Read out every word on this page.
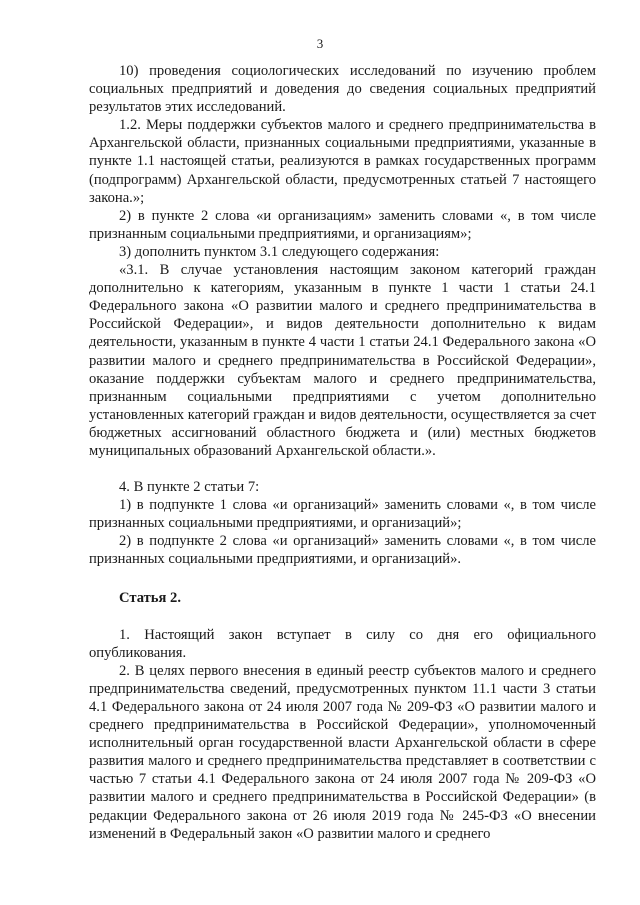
3

10) проведения социологических исследований по изучению проблем социальных предприятий и доведения до сведения социальных предприятий результатов этих исследований.

1.2. Меры поддержки субъектов малого и среднего предпринимательства в Архангельской области, признанных социальными предприятиями, указанные в пункте 1.1 настоящей статьи, реализуются в рамках государственных программ (подпрограмм) Архангельской области, предусмотренных статьей 7 настоящего закона.»;

2) в пункте 2 слова «и организациям» заменить словами «, в том числе признанным социальными предприятиями, и организациям»;

3) дополнить пунктом 3.1 следующего содержания:

«3.1. В случае установления настоящим законом категорий граждан дополнительно к категориям, указанным в пункте 1 части 1 статьи 24.1 Федерального закона «О развитии малого и среднего предпринимательства в Российской Федерации», и видов деятельности дополнительно к видам деятельности, указанным в пункте 4 части 1 статьи 24.1 Федерального закона «О развитии малого и среднего предпринимательства в Российской Федерации», оказание поддержки субъектам малого и среднего предпринимательства, признанным социальными предприятиями с учетом дополнительно установленных категорий граждан и видов деятельности, осуществляется за счет бюджетных ассигнований областного бюджета и (или) местных бюджетов муниципальных образований Архангельской области.».

4. В пункте 2 статьи 7:

1) в подпункте 1 слова «и организаций» заменить словами «, в том числе признанных социальными предприятиями, и организаций»;

2) в подпункте 2 слова «и организаций» заменить словами «, в том числе признанных социальными предприятиями, и организаций».

Статья 2.

1. Настоящий закон вступает в силу со дня его официального опубликования.

2. В целях первого внесения в единый реестр субъектов малого и среднего предпринимательства сведений, предусмотренных пунктом 11.1 части 3 статьи 4.1 Федерального закона от 24 июля 2007 года № 209-ФЗ «О развитии малого и среднего предпринимательства в Российской Федерации», уполномоченный исполнительный орган государственной власти Архангельской области в сфере развития малого и среднего предпринимательства представляет в соответствии с частью 7 статьи 4.1 Федерального закона от 24 июля 2007 года № 209-ФЗ «О развитии малого и среднего предпринимательства в Российской Федерации» (в редакции Федерального закона от 26 июля 2019 года № 245-ФЗ «О внесении изменений в Федеральный закон «О развитии малого и среднего
